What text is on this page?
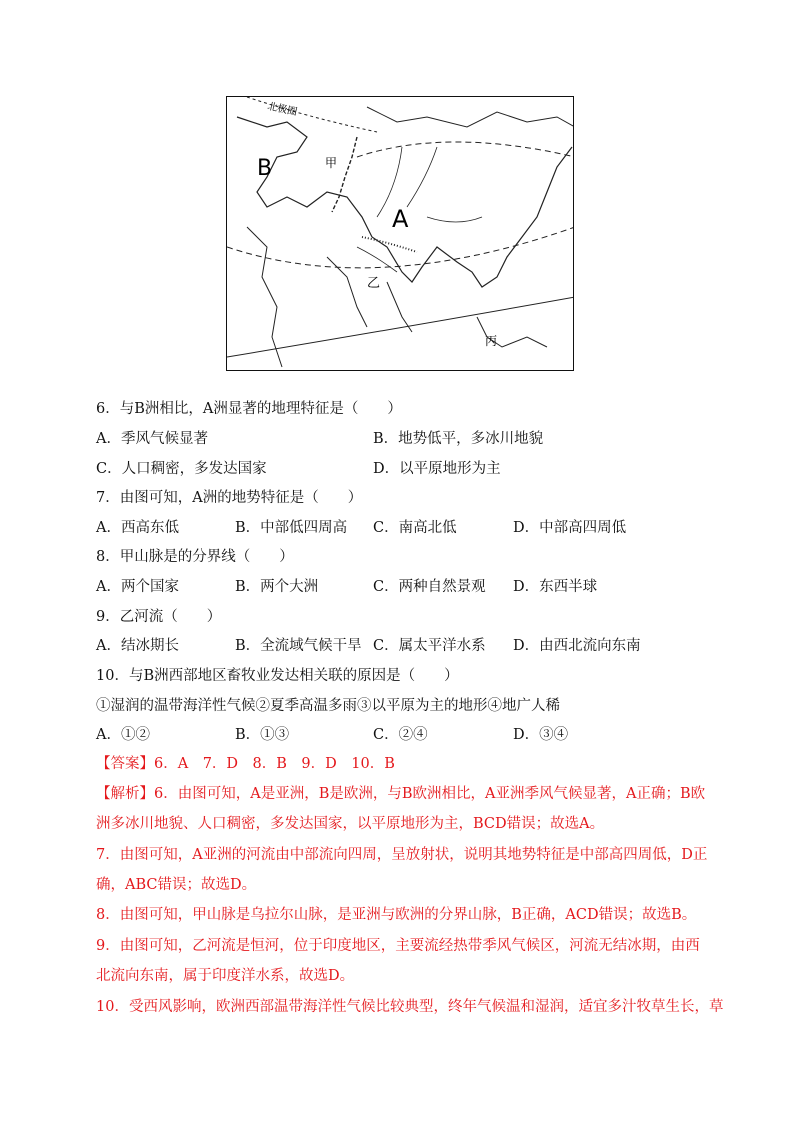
B
A
甲
乙
丙
北极圈
6．与B洲相比，A洲显著的地理特征是（　　）
A．季风气候显著	B．地势低平，多冰川地貌
C．人口稠密，多发达国家	D．以平原地形为主
7．由图可知，A洲的地势特征是（　　）
A．西高东低	B．中部低四周高 C．南高北低	D．中部高四周低
8．甲山脉是的分界线（　　）
A．两个国家	B．两个大洲	C．两种自然景观 D．东西半球
9．乙河流（　　）
A．结冰期长	B．全流域气候干旱 C．属太平洋水系 D．由西北流向东南
10．与B洲西部地区畜牧业发达相关联的原因是（　　）
①湿润的温带海洋性气候②夏季高温多雨③以平原为主的地形④地广人稀
A．①②	B．①③	C．②④	D．③④
【答案】6．A　7．D　8．B　9．D　10．B
【解析】6．由图可知，A是亚洲，B是欧洲，与B欧洲相比，A亚洲季风气候显著，A正确；B欧
洲多冰川地貌、人口稠密，多发达国家，以平原地形为主，BCD错误；故选A。
7．由图可知，A亚洲的河流由中部流向四周，呈放射状，说明其地势特征是中部高四周低，D正
确，ABC错误；故选D。
8．由图可知，甲山脉是乌拉尔山脉，是亚洲与欧洲的分界山脉，B正确，ACD错误；故选B。
9．由图可知，乙河流是恒河，位于印度地区，主要流经热带季风气候区，河流无结冰期，由西
北流向东南，属于印度洋水系，故选D。
10．受西风影响，欧洲西部温带海洋性气候比较典型，终年气候温和湿润，适宜多汁牧草生长，草
